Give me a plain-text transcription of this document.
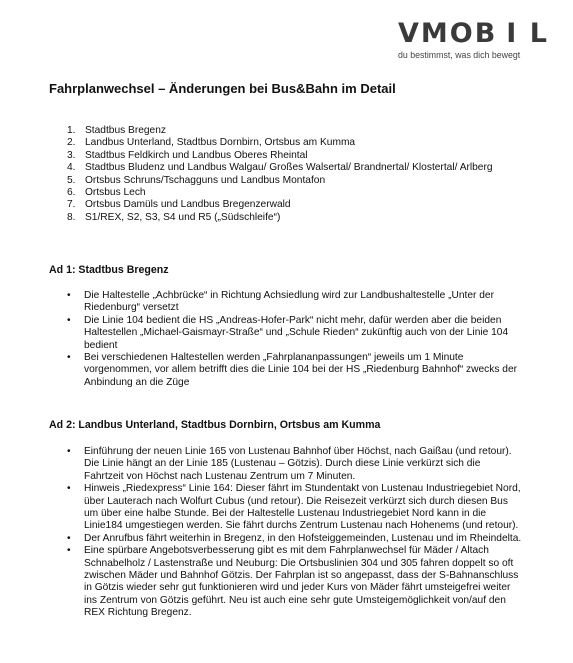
VMOB I L
du bestimmst, was dich bewegt
Fahrplanwechsel – Änderungen bei Bus&Bahn im Detail
1. Stadtbus Bregenz
2. Landbus Unterland, Stadtbus Dornbirn, Ortsbus am Kumma
3. Stadtbus Feldkirch und Landbus Oberes Rheintal
4. Stadtbus Bludenz und Landbus Walgau/ Großes Walsertal/ Brandnertal/ Klostertal/ Arlberg
5. Ortsbus Schruns/Tschagguns und Landbus Montafon
6. Ortsbus Lech
7. Ortsbus Damüls und Landbus Bregenzerwald
8. S1/REX, S2, S3, S4 und R5 („Südschleife“)
Ad 1: Stadtbus Bregenz
• Die Haltestelle „Achbrücke“ in Richtung Achsiedlung wird zur Landbushaltestelle „Unter der Riedenburg“ versetzt
• Die Linie 104 bedient die HS „Andreas-Hofer-Park“ nicht mehr, dafür werden aber die beiden Haltestellen „Michael-Gaismayr-Straße“ und „Schule Rieden“ zukünftig auch von der Linie 104 bedient
• Bei verschiedenen Haltestellen werden „Fahrplananpassungen“ jeweils um 1 Minute vorgenommen, vor allem betrifft dies die Linie 104 bei der HS „Riedenburg Bahnhof“ zwecks der Anbindung an die Züge
Ad 2: Landbus Unterland, Stadtbus Dornbirn, Ortsbus am Kumma
• Einführung der neuen Linie 165 von Lustenau Bahnhof über Höchst, nach Gaißau (und retour). Die Linie hängt an der Linie 185 (Lustenau – Götzis). Durch diese Linie verkürzt sich die Fahrtzeit von Höchst nach Lustenau Zentrum um 7 Minuten.
• Hinweis „Riedexpress“ Linie 164: Dieser fährt im Stundentakt von Lustenau Industriegebiet Nord, über Lauterach nach Wolfurt Cubus (und retour). Die Reisezeit verkürzt sich durch diesen Bus um über eine halbe Stunde. Bei der Haltestelle Lustenau Industriegebiet Nord kann in die Linie184 umgestiegen werden. Sie fährt durchs Zentrum Lustenau nach Hohenems (und retour).
• Der Anrufbus fährt weiterhin in Bregenz, in den Hofsteiggemeinden, Lustenau und im Rheindelta.
• Eine spürbare Angebotsverbesserung gibt es mit dem Fahrplanwechsel für Mäder / Altach Schnabelholz / Lastenstraße und Neuburg: Die Ortsbuslinien 304 und 305 fahren doppelt so oft zwischen Mäder und Bahnhof Götzis. Der Fahrplan ist so angepasst, dass der S-Bahnanschluss in Götzis wieder sehr gut funktionieren wird und jeder Kurs von Mäder fährt umsteigefrei weiter ins Zentrum von Götzis geführt. Neu ist auch eine sehr gute Umsteigemöglichkeit von/auf den REX Richtung Bregenz.
